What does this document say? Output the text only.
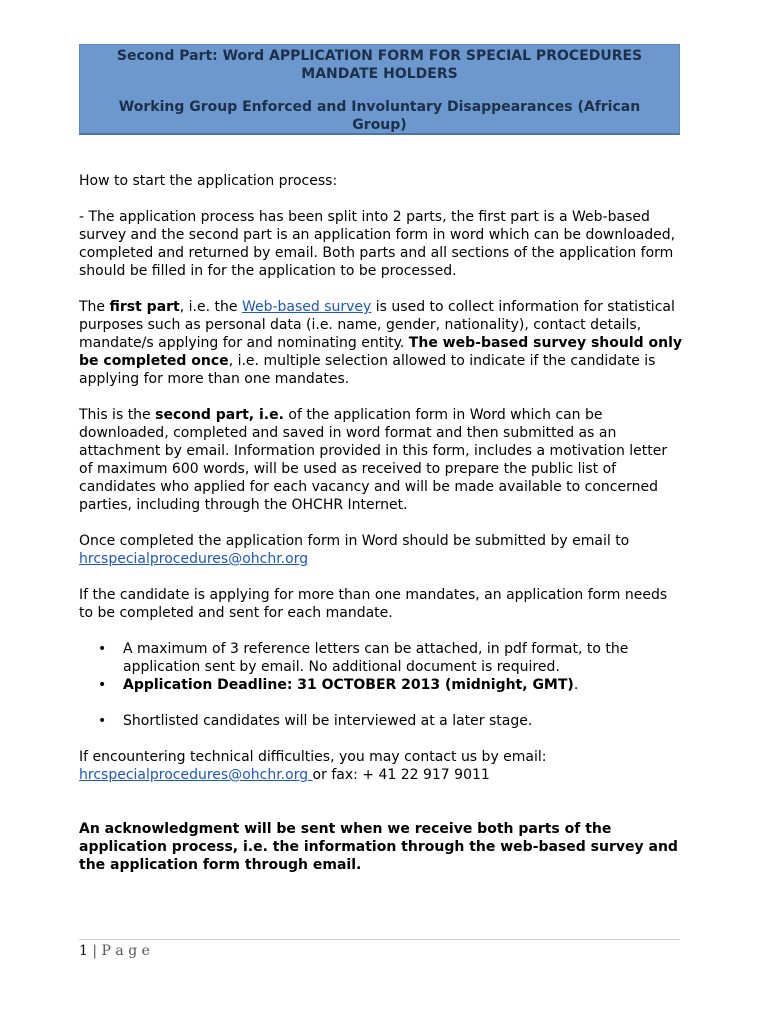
Second Part: Word APPLICATION FORM FOR SPECIAL PROCEDURES
MANDATE HOLDERS
Working Group Enforced and Involuntary Disappearances (African
Group)

How to start the application process:

- The application process has been split into 2 parts, the first part is a Web-based survey and the second part is an application form in word which can be downloaded, completed and returned by email. Both parts and all sections of the application form should be filled in for the application to be processed.

The first part, i.e. the Web-based survey is used to collect information for statistical purposes such as personal data (i.e. name, gender, nationality), contact details, mandate/s applying for and nominating entity. The web-based survey should only be completed once, i.e. multiple selection allowed to indicate if the candidate is applying for more than one mandates.

This is the second part, i.e. of the application form in Word which can be downloaded, completed and saved in word format and then submitted as an attachment by email. Information provided in this form, includes a motivation letter of maximum 600 words, will be used as received to prepare the public list of candidates who applied for each vacancy and will be made available to concerned parties, including through the OHCHR Internet.

Once completed the application form in Word should be submitted by email to
hrcspecialprocedures@ohchr.org

If the candidate is applying for more than one mandates, an application form needs to be completed and sent for each mandate.

• A maximum of 3 reference letters can be attached, in pdf format, to the application sent by email. No additional document is required.
• Application Deadline: 31 OCTOBER 2013 (midnight, GMT).
• Shortlisted candidates will be interviewed at a later stage.

If encountering technical difficulties, you may contact us by email:
hrcspecialprocedures@ohchr.org or fax: + 41 22 917 9011

An acknowledgment will be sent when we receive both parts of the application process, i.e. the information through the web-based survey and the application form through email.

1 | P a g e
